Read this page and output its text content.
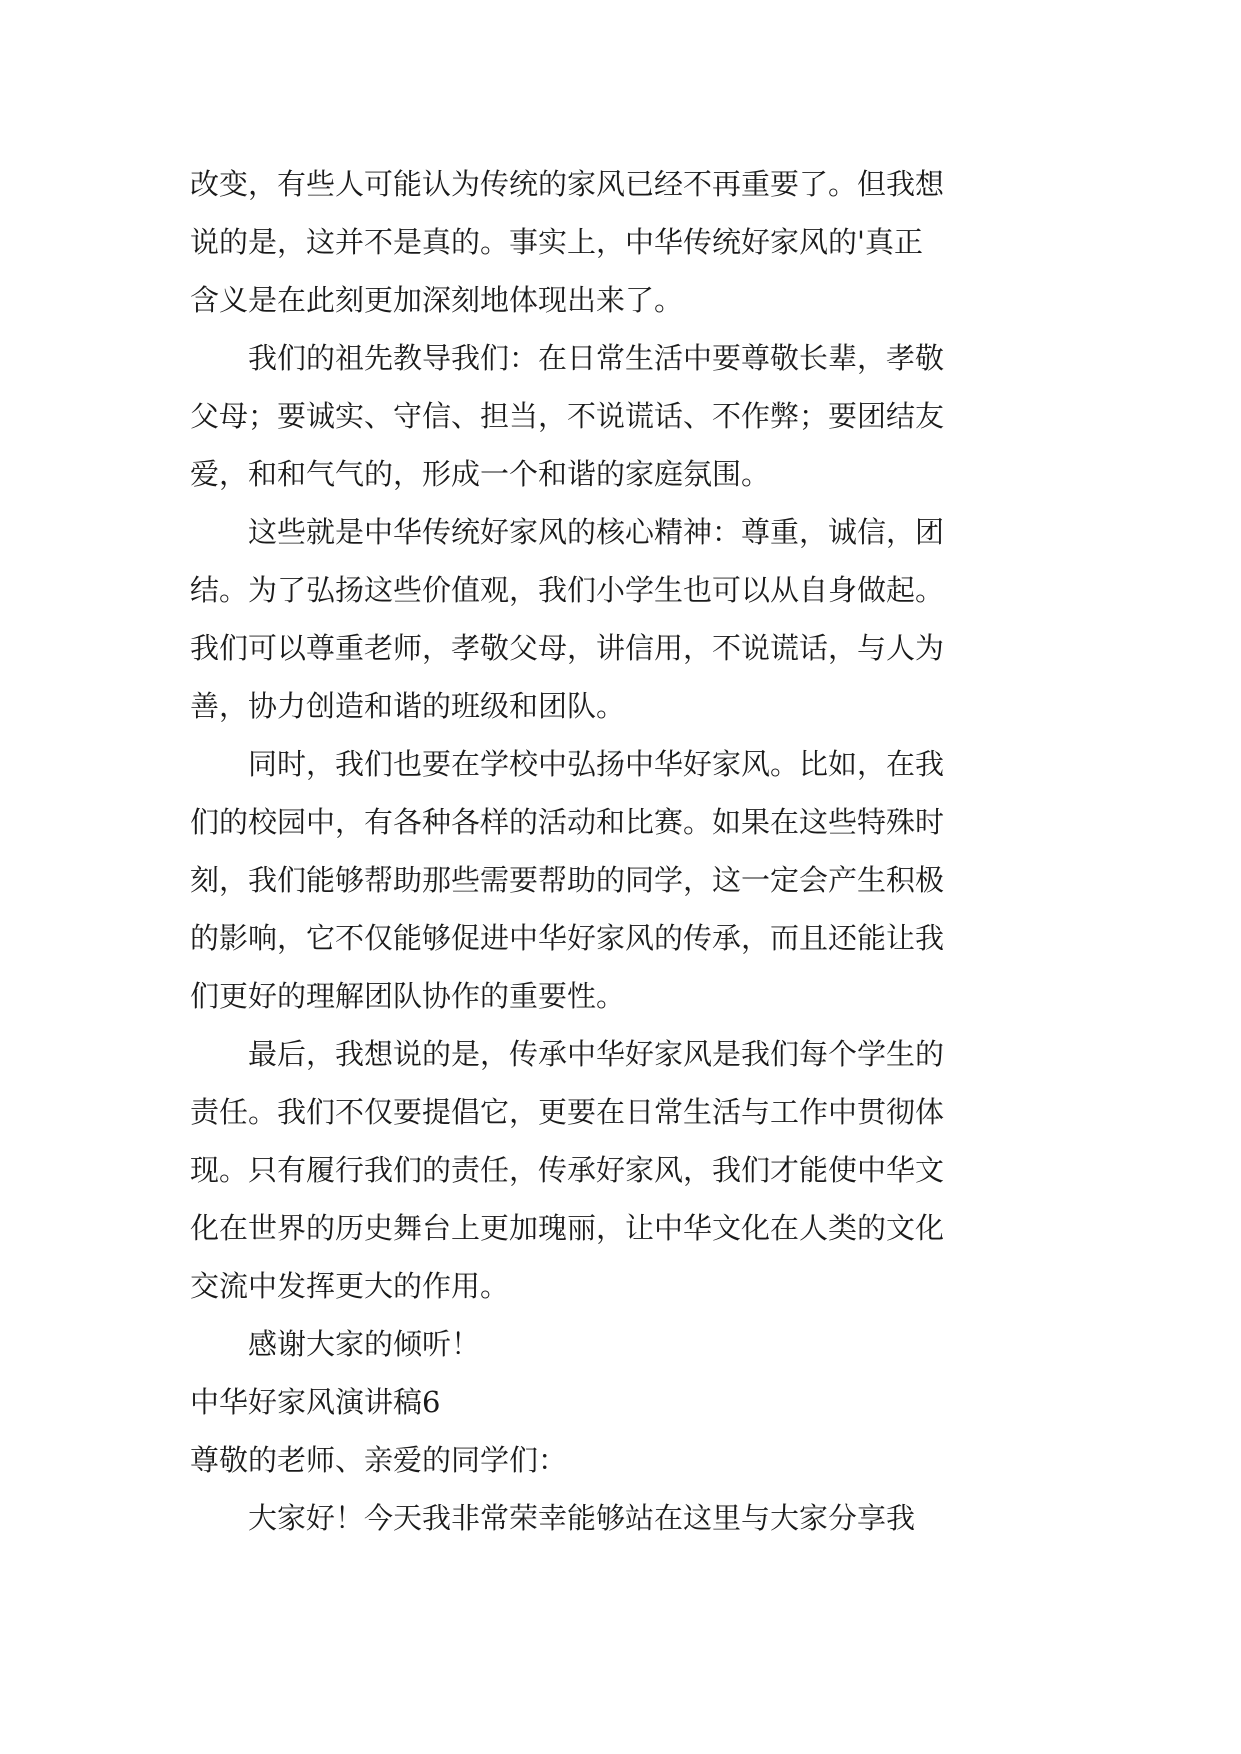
改变，有些人可能认为传统的家风已经不再重要了。但我想
说的是，这并不是真的。事实上，中华传统好家风的'真正
含义是在此刻更加深刻地体现出来了。
我们的祖先教导我们：在日常生活中要尊敬长辈，孝敬
父母；要诚实、守信、担当，不说谎话、不作弊；要团结友
爱，和和气气的，形成一个和谐的家庭氛围。
这些就是中华传统好家风的核心精神：尊重，诚信，团
结。为了弘扬这些价值观，我们小学生也可以从自身做起。
我们可以尊重老师，孝敬父母，讲信用，不说谎话，与人为
善，协力创造和谐的班级和团队。
同时，我们也要在学校中弘扬中华好家风。比如，在我
们的校园中，有各种各样的活动和比赛。如果在这些特殊时
刻，我们能够帮助那些需要帮助的同学，这一定会产生积极
的影响，它不仅能够促进中华好家风的传承，而且还能让我
们更好的理解团队协作的重要性。
最后，我想说的是，传承中华好家风是我们每个学生的
责任。我们不仅要提倡它，更要在日常生活与工作中贯彻体
现。只有履行我们的责任，传承好家风，我们才能使中华文
化在世界的历史舞台上更加瑰丽，让中华文化在人类的文化
交流中发挥更大的作用。
感谢大家的倾听！
中华好家风演讲稿6
尊敬的老师、亲爱的同学们：
大家好！今天我非常荣幸能够站在这里与大家分享我
